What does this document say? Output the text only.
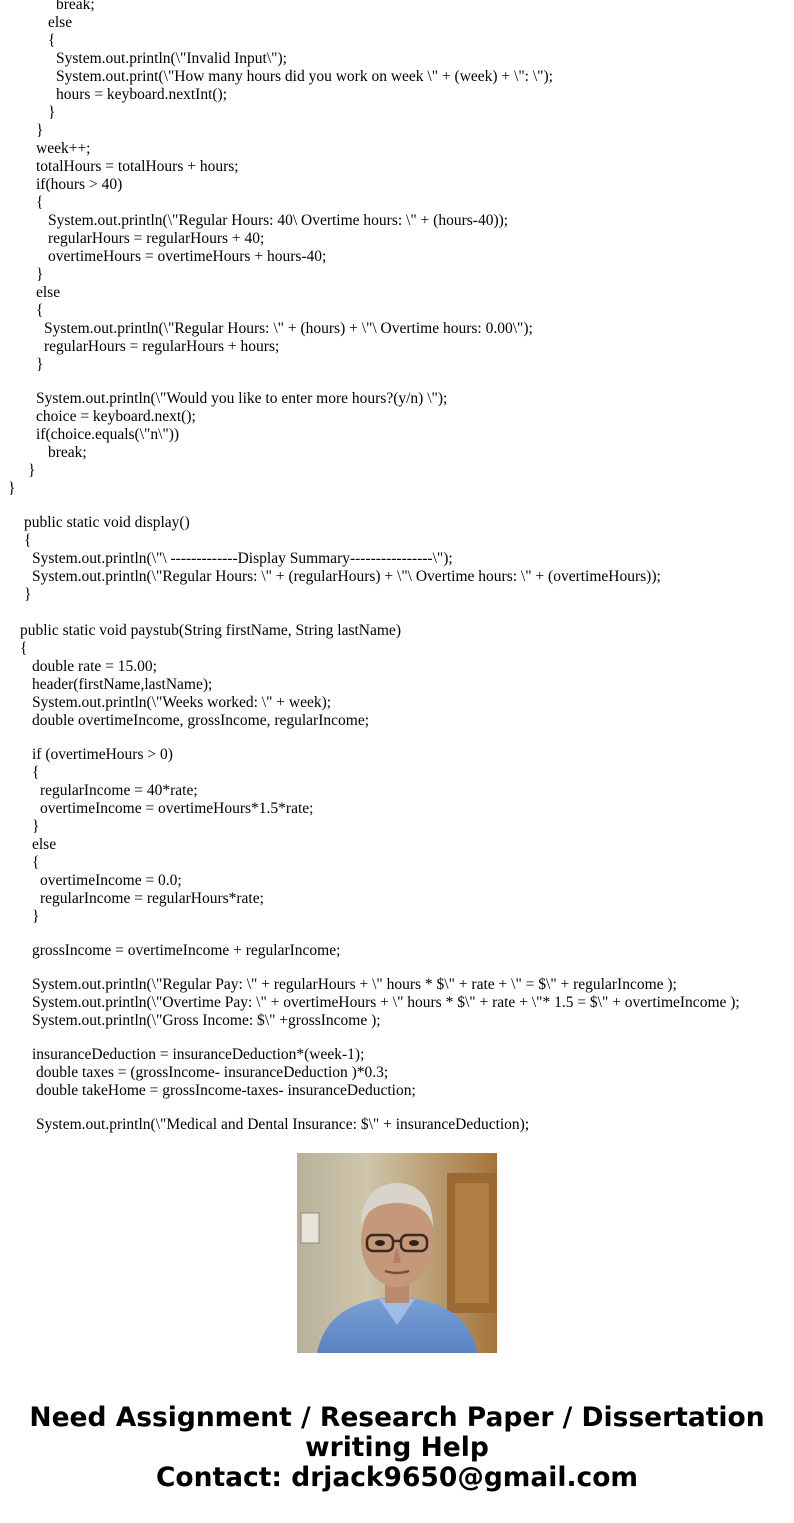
break;
else
{
System.out.println(\"Invalid Input\");
System.out.print(\"How many hours did you work on week \" + (week) + \": \");
hours = keyboard.nextInt();
}
}
week++;
totalHours = totalHours + hours;
if(hours > 40)
{
System.out.println(\"Regular Hours: 40\ Overtime hours: \" + (hours-40));
regularHours = regularHours + 40;
overtimeHours = overtimeHours + hours-40;
}
else
{
System.out.println(\"Regular Hours: \" + (hours) + \"\ Overtime hours: 0.00\");
regularHours = regularHours + hours;
}
System.out.println(\"Would you like to enter more hours?(y/n) \");
choice = keyboard.next();
if(choice.equals(\"n\"))
break;
}
}
public static void display()
{
System.out.println(\"\ -------------Display Summary----------------\");
System.out.println(\"Regular Hours: \" + (regularHours) + \"\ Overtime hours: \" + (overtimeHours));
}
public static void paystub(String firstName, String lastName)
{
double rate = 15.00;
header(firstName,lastName);
System.out.println(\"Weeks worked: \" + week);
double overtimeIncome, grossIncome, regularIncome;
if (overtimeHours > 0)
{
regularIncome = 40*rate;
overtimeIncome = overtimeHours*1.5*rate;
}
else
{
overtimeIncome = 0.0;
regularIncome = regularHours*rate;
}
grossIncome = overtimeIncome + regularIncome;
System.out.println(\"Regular Pay: \" + regularHours + \" hours * $\" + rate + \" = $\" + regularIncome );
System.out.println(\"Overtime Pay: \" + overtimeHours + \" hours * $\" + rate + \"* 1.5 = $\" + overtimeIncome );
System.out.println(\"Gross Income: $\" +grossIncome );
insuranceDeduction = insuranceDeduction*(week-1);
double taxes = (grossIncome- insuranceDeduction )*0.3;
double takeHome = grossIncome-taxes- insuranceDeduction;
System.out.println(\"Medical and Dental Insurance: $\" + insuranceDeduction);
Need Assignment / Research Paper / Dissertation
writing Help
Contact: drjack9650@gmail.com
